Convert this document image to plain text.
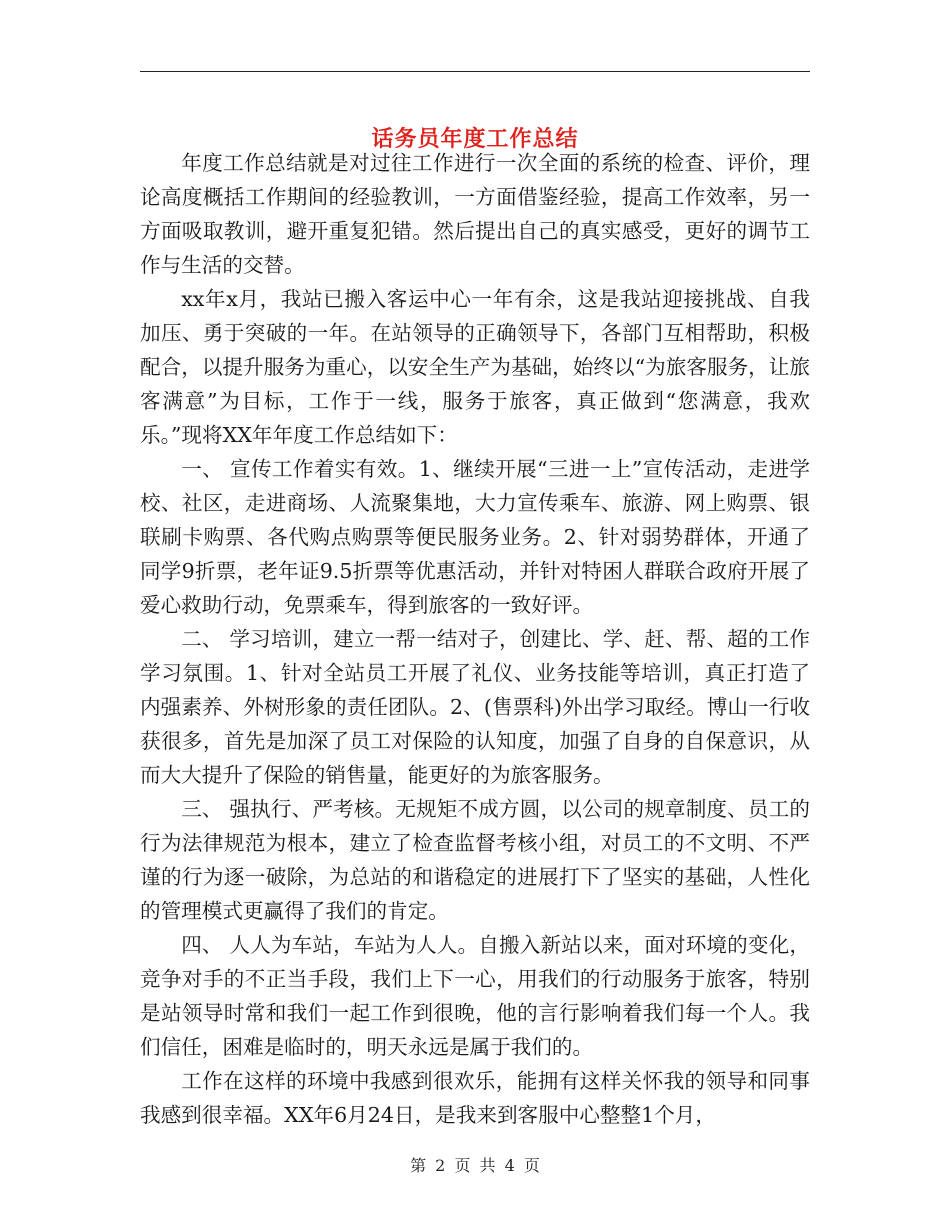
话务员年度工作总结

年度工作总结就是对过往工作进行一次全面的系统的检查、评价，理论高度概括工作期间的经验教训，一方面借鉴经验，提高工作效率，另一方面吸取教训，避开重复犯错。然后提出自己的真实感受，更好的调节工作与生活的交替。

xx年x月，我站已搬入客运中心一年有余，这是我站迎接挑战、自我加压、勇于突破的一年。在站领导的正确领导下，各部门互相帮助，积极配合，以提升服务为重心，以安全生产为基础，始终以“为旅客服务，让旅客满意”为目标，工作于一线，服务于旅客，真正做到“您满意，我欢乐。”现将XX年年度工作总结如下：

一、 宣传工作着实有效。1、继续开展“三进一上”宣传活动，走进学校、社区，走进商场、人流聚集地，大力宣传乘车、旅游、网上购票、银联刷卡购票、各代购点购票等便民服务业务。2、针对弱势群体，开通了同学9折票，老年证9.5折票等优惠活动，并针对特困人群联合政府开展了爱心救助行动，免票乘车，得到旅客的一致好评。

二、 学习培训，建立一帮一结对子，创建比、学、赶、帮、超的工作学习氛围。1、针对全站员工开展了礼仪、业务技能等培训，真正打造了内强素养、外树形象的责任团队。2、(售票科)外出学习取经。博山一行收获很多，首先是加深了员工对保险的认知度，加强了自身的自保意识，从而大大提升了保险的销售量，能更好的为旅客服务。

三、 强执行、严考核。无规矩不成方圆，以公司的规章制度、员工的行为法律规范为根本，建立了检查监督考核小组，对员工的不文明、不严谨的行为逐一破除，为总站的和谐稳定的进展打下了坚实的基础，人性化的管理模式更赢得了我们的肯定。

四、 人人为车站，车站为人人。自搬入新站以来，面对环境的变化，竞争对手的不正当手段，我们上下一心，用我们的行动服务于旅客，特别是站领导时常和我们一起工作到很晚，他的言行影响着我们每一个人。我们信任，困难是临时的，明天永远是属于我们的。

工作在这样的环境中我感到很欢乐，能拥有这样关怀我的领导和同事我感到很幸福。XX年6月24日，是我来到客服中心整整1个月，

第 2 页 共 4 页
